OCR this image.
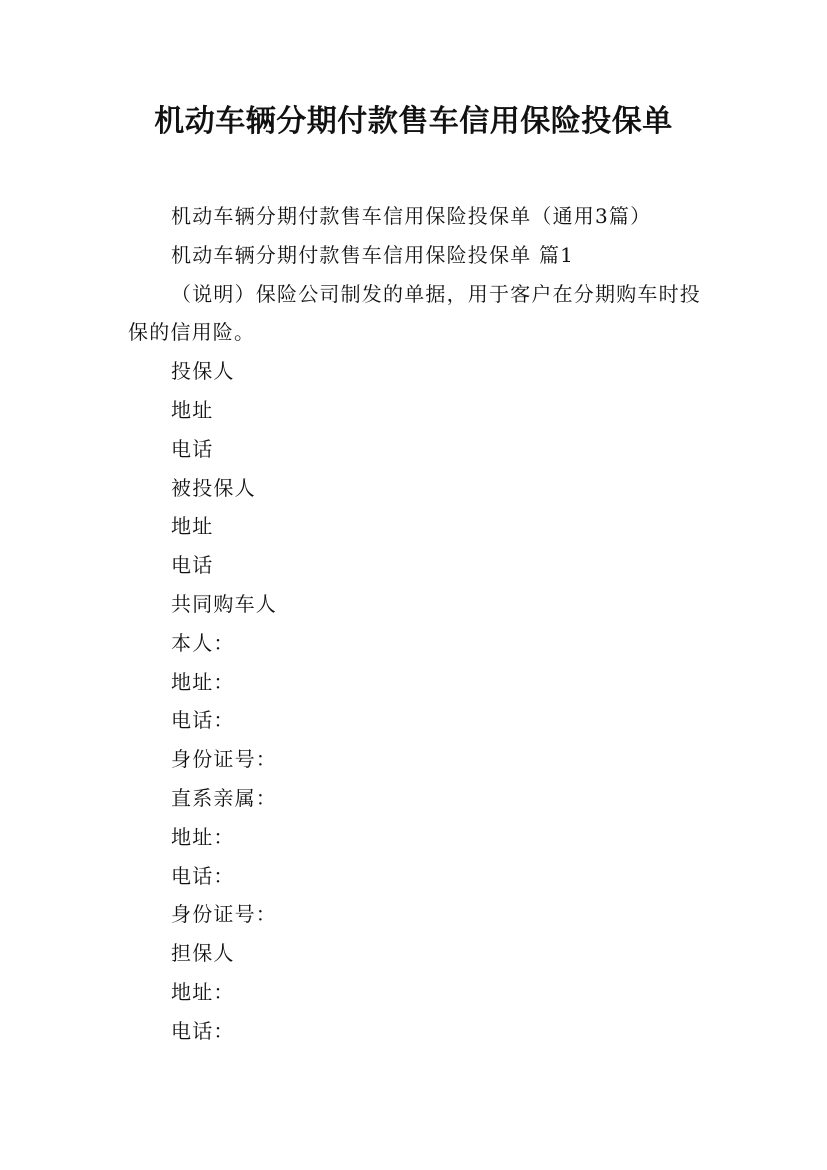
机动车辆分期付款售车信用保险投保单
机动车辆分期付款售车信用保险投保单（通用3篇）
机动车辆分期付款售车信用保险投保单 篇1
（说明）保险公司制发的单据，用于客户在分期购车时投保的信用险。
投保人
地址
电话
被投保人
地址
电话
共同购车人
本人：
地址：
电话：
身份证号：
直系亲属：
地址：
电话：
身份证号：
担保人
地址：
电话：
